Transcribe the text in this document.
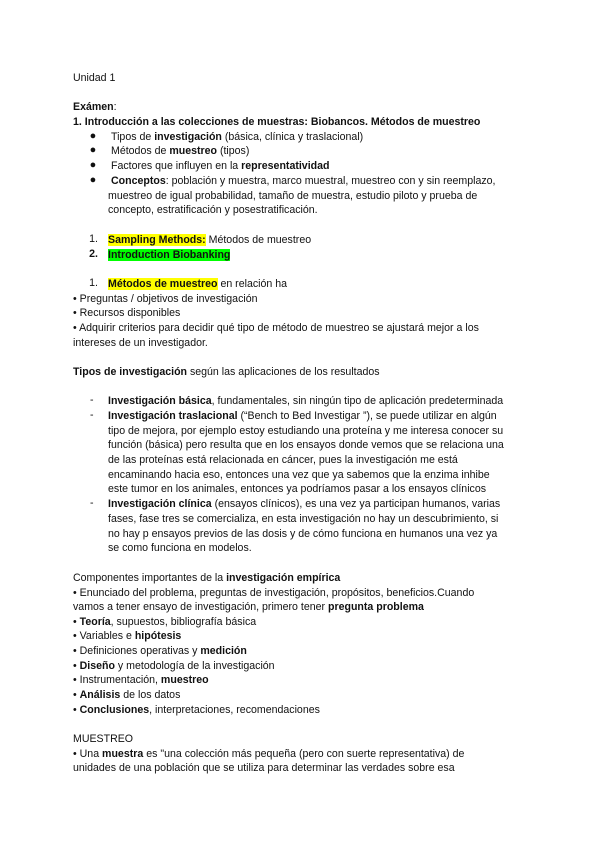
Unidad 1
Exámen:
1. Introducción a las colecciones de muestras: Biobancos. Métodos de muestreo
●	Tipos de investigación (básica, clínica y traslacional)
●	Métodos de muestreo (tipos)
●	Factores que influyen en la representatividad
●	Conceptos: población y muestra, marco muestral, muestreo con y sin reemplazo,
muestreo de igual probabilidad, tamaño de muestra, estudio piloto y prueba de
concepto, estratificación y posestratificación.
1. Sampling Methods: Métodos de muestreo
2. Introduction Biobanking
1. Métodos de muestreo en relación ha
• Preguntas / objetivos de investigación
• Recursos disponibles
• Adquirir criterios para decidir qué tipo de método de muestreo se ajustará mejor a los
intereses de un investigador.
Tipos de investigación según las aplicaciones de los resultados
- Investigación básica, fundamentales, sin ningún tipo de aplicación predeterminada
- Investigación traslacional (“Bench to Bed Investigar ”), se puede utilizar en algún
tipo de mejora, por ejemplo estoy estudiando una proteína y me interesa conocer su
función (básica) pero resulta que en los ensayos donde vemos que se relaciona una
de las proteínas está relacionada en cáncer, pues la investigación me está
encaminando hacia eso, entonces una vez que ya sabemos que la enzima inhibe
este tumor en los animales, entonces ya podríamos pasar a los ensayos clínicos
- Investigación clínica (ensayos clínicos), es una vez ya participan humanos, varias
fases, fase tres se comercializa, en esta investigación no hay un descubrimiento, si
no hay p ensayos previos de las dosis y de cómo funciona en humanos una vez ya
se como funciona en modelos.
Componentes importantes de la investigación empírica
• Enunciado del problema, preguntas de investigación, propósitos, beneficios.Cuando
vamos a tener ensayo de investigación, primero tener pregunta problema
• Teoría, supuestos, bibliografía básica
• Variables e hipótesis
• Definiciones operativas y medición
• Diseño y metodología de la investigación
• Instrumentación, muestreo
• Análisis de los datos
• Conclusiones, interpretaciones, recomendaciones
MUESTREO
• Una muestra es "una colección más pequeña (pero con suerte representativa) de
unidades de una población que se utiliza para determinar las verdades sobre esa
